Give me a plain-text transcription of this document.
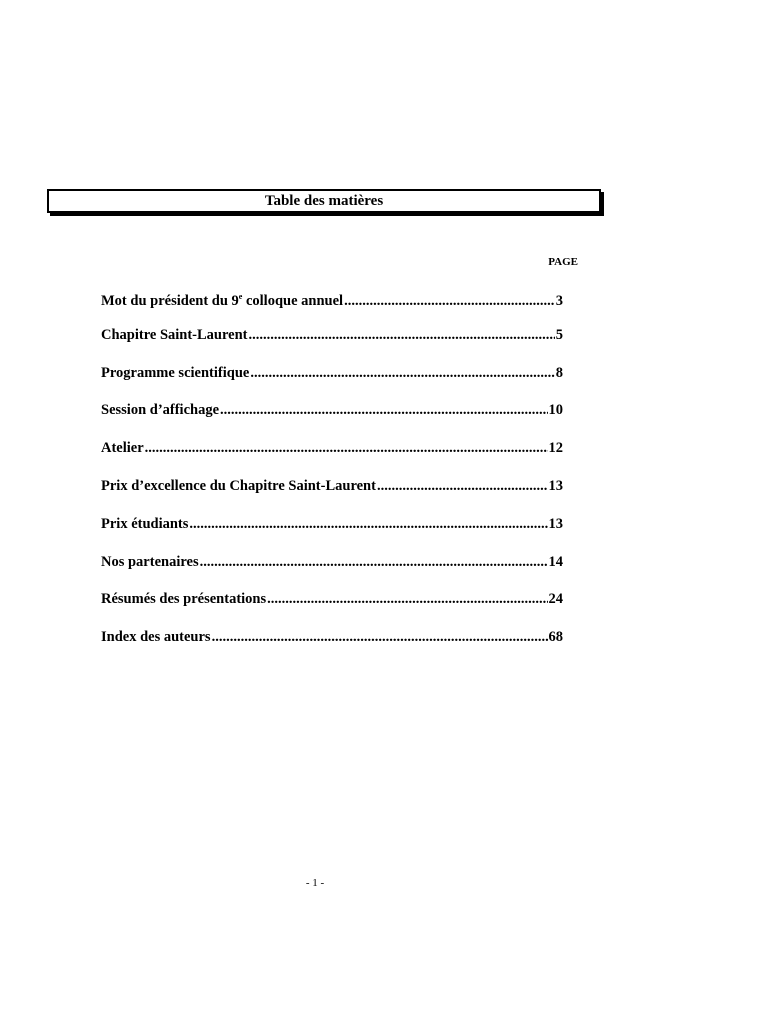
Table des matières
PAGE
Mot du président du 9e colloque annuel .....	3
Chapitre Saint-Laurent .....	5
Programme scientifique .....	8
Session d’affichage .....	10
Atelier .....	12
Prix d’excellence du Chapitre Saint-Laurent .....	13
Prix étudiants .....	13
Nos partenaires .....	14
Résumés des présentations .....	24
Index des auteurs .....	68
- 1 -
